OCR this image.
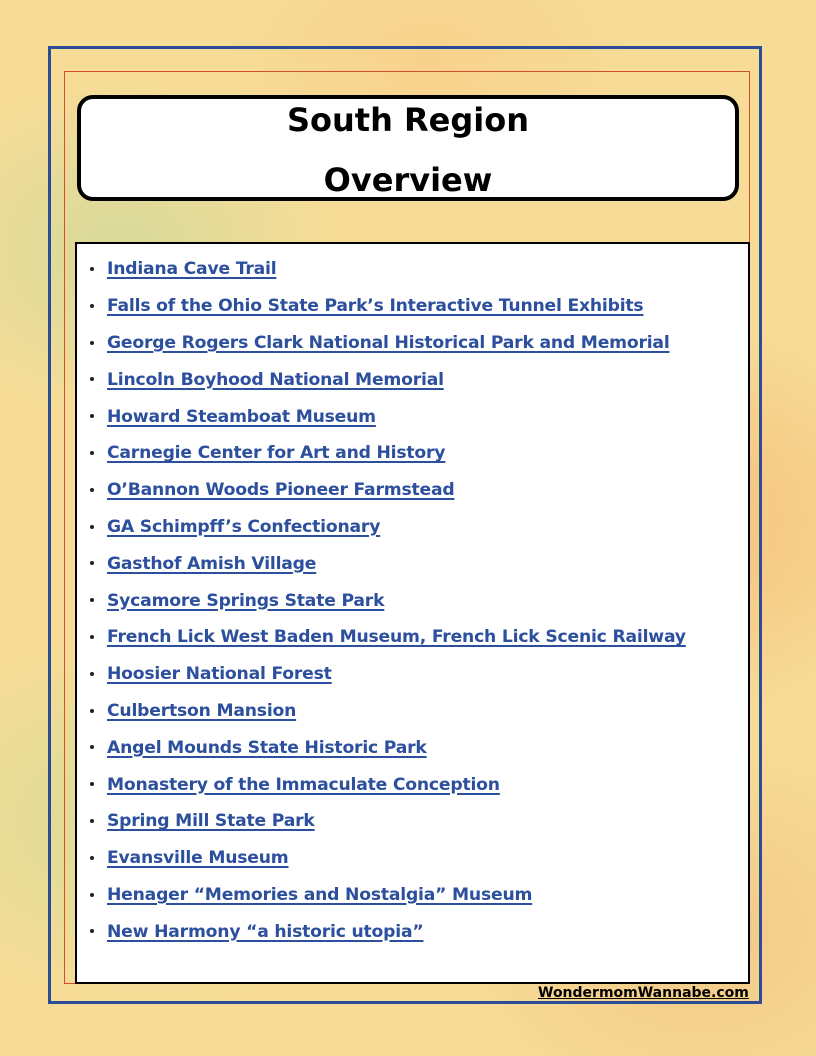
South Region
Overview
Indiana Cave Trail
Falls of the Ohio State Park’s Interactive Tunnel Exhibits
George Rogers Clark National Historical Park and Memorial
Lincoln Boyhood National Memorial
Howard Steamboat Museum
Carnegie Center for Art and History
O’Bannon Woods Pioneer Farmstead
GA Schimpff’s Confectionary
Gasthof Amish Village
Sycamore Springs State Park
French Lick West Baden Museum, French Lick Scenic Railway
Hoosier National Forest
Culbertson Mansion
Angel Mounds State Historic Park
Monastery of the Immaculate Conception
Spring Mill State Park
Evansville Museum
Henager “Memories and Nostalgia” Museum
New Harmony “a historic utopia”
WondermomWannabe.com
